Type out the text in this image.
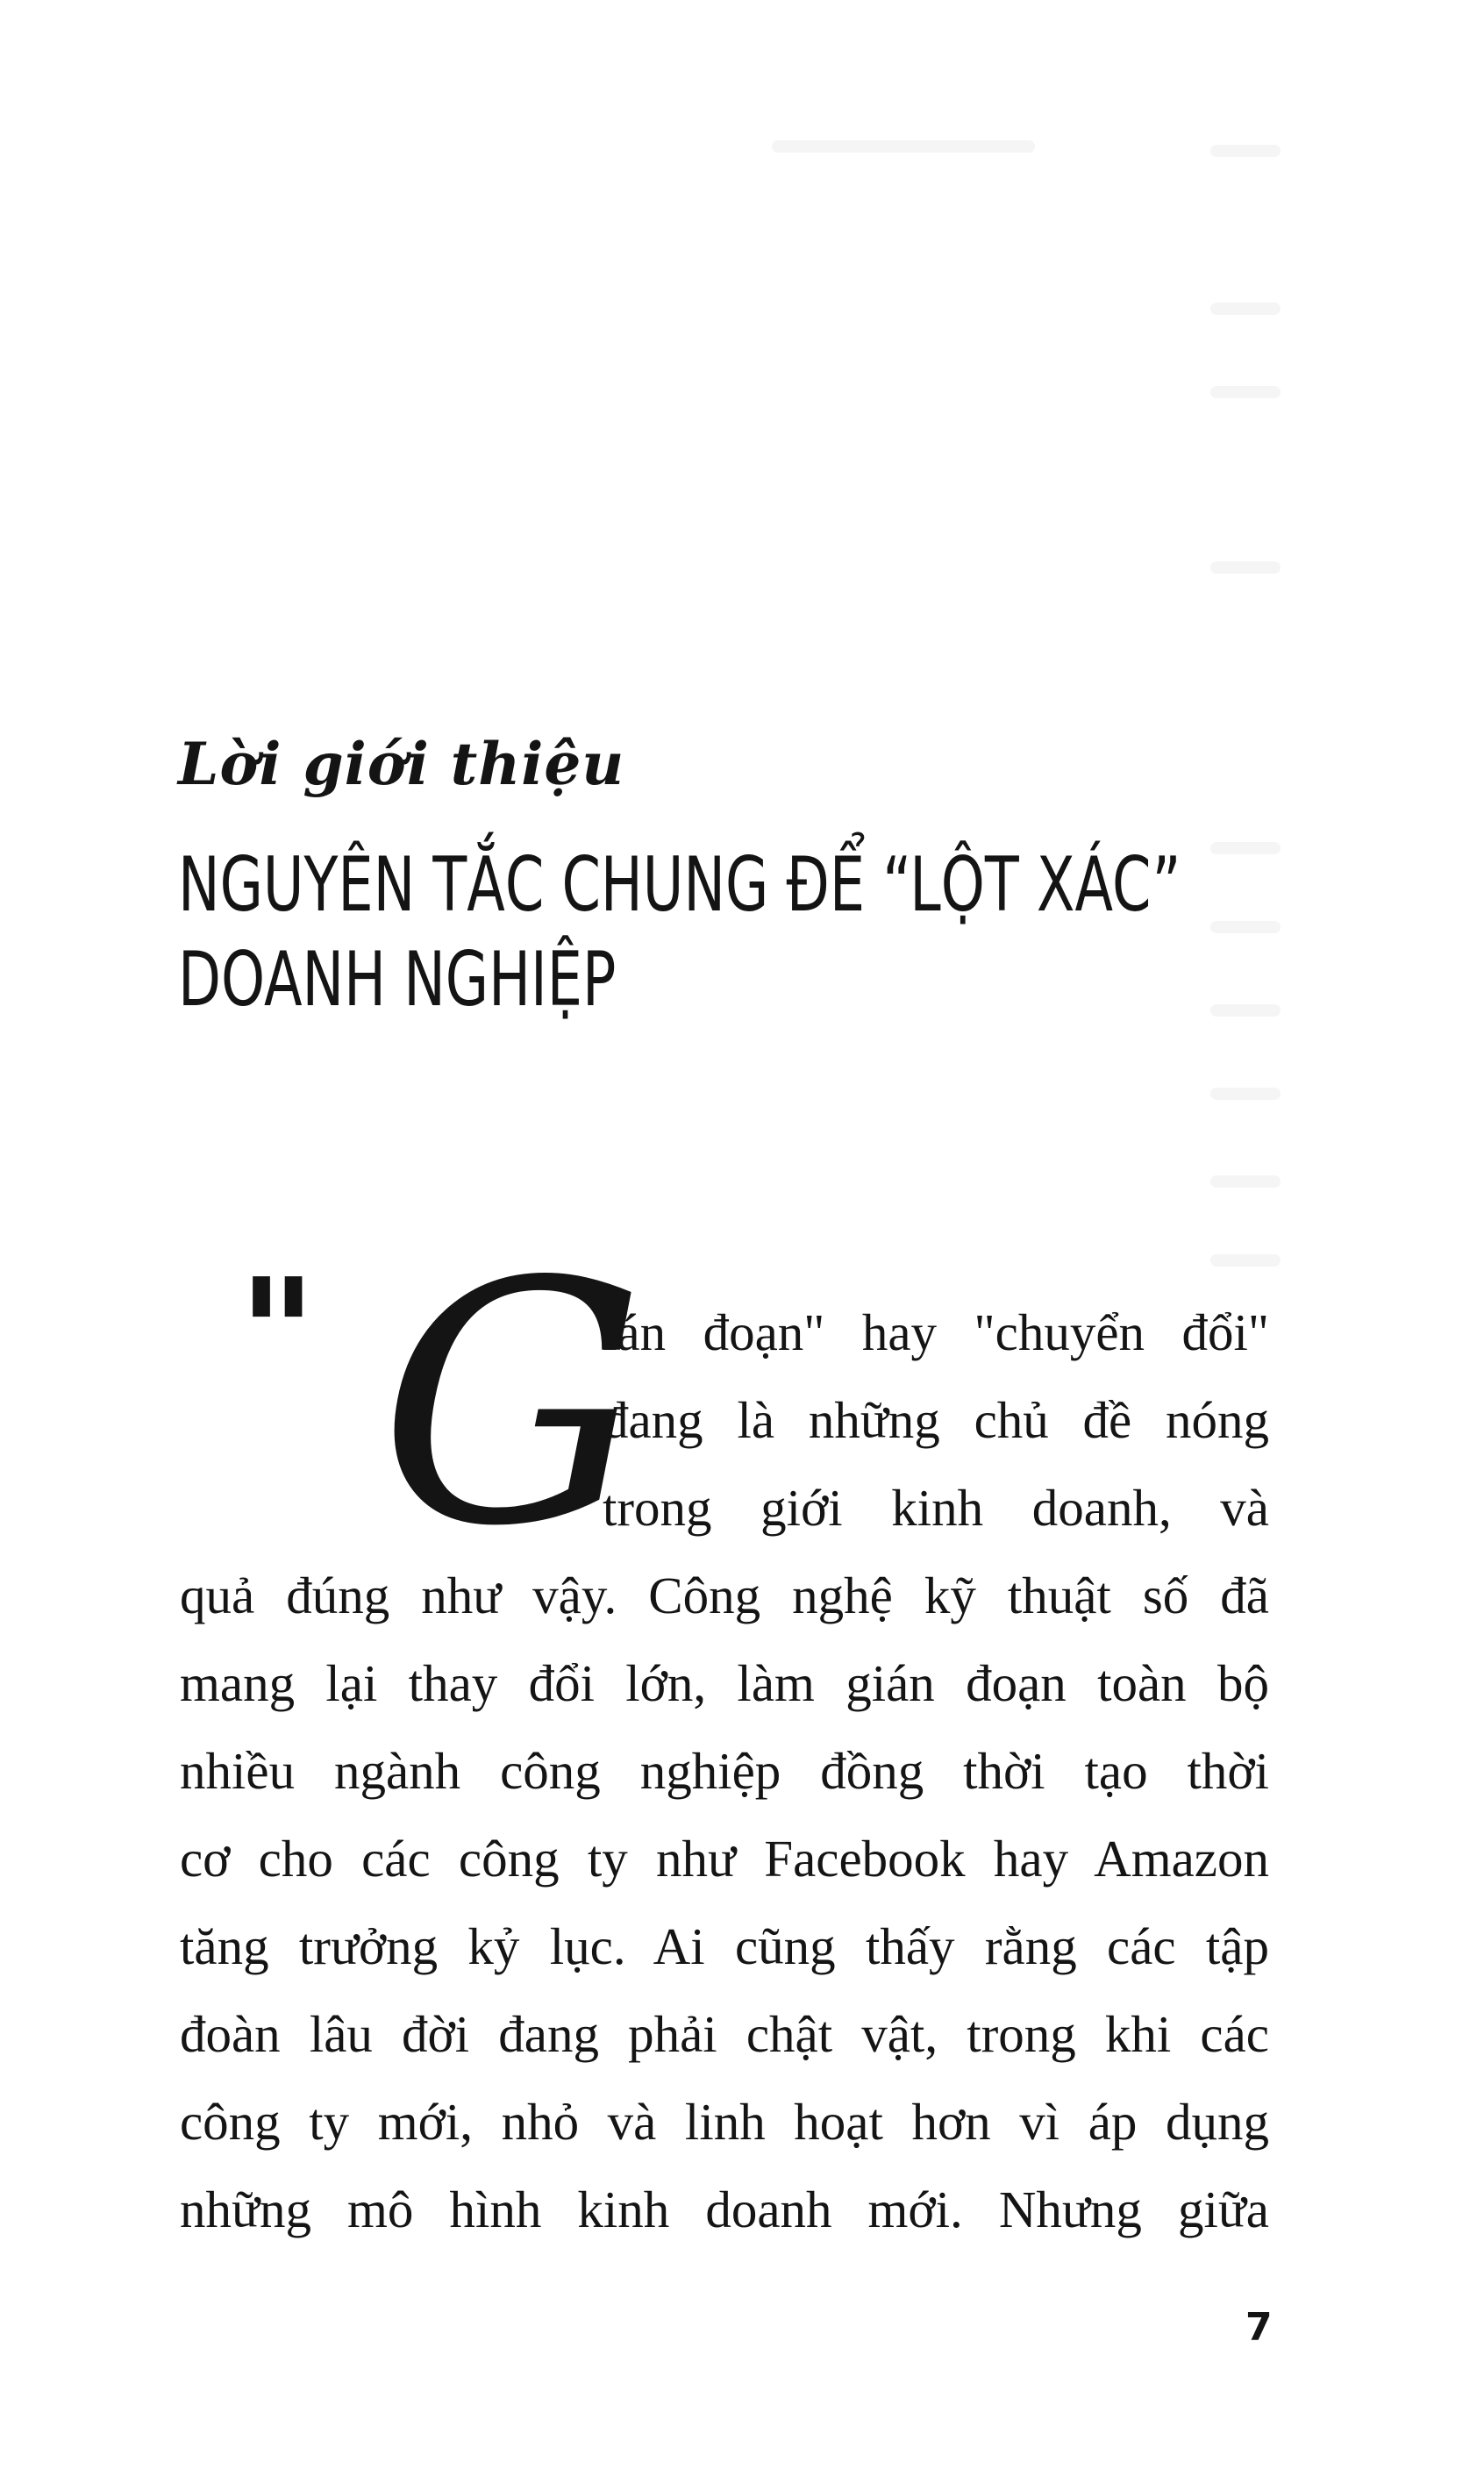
Lời giới thiệu
NGUYÊN TẮC CHUNG ĐỂ “LỘT XÁC”
DOANH NGHIỆP
" G
ián đoạn" hay "chuyển đổi"
đang là những chủ đề nóng
trong giới kinh doanh, và
quả đúng như vậy. Công nghệ kỹ thuật số đã
mang lại thay đổi lớn, làm gián đoạn toàn bộ
nhiều ngành công nghiệp đồng thời tạo thời
cơ cho các công ty như Facebook hay Amazon
tăng trưởng kỷ lục. Ai cũng thấy rằng các tập
đoàn lâu đời đang phải chật vật, trong khi các
công ty mới, nhỏ và linh hoạt hơn vì áp dụng
những mô hình kinh doanh mới. Nhưng giữa
7
